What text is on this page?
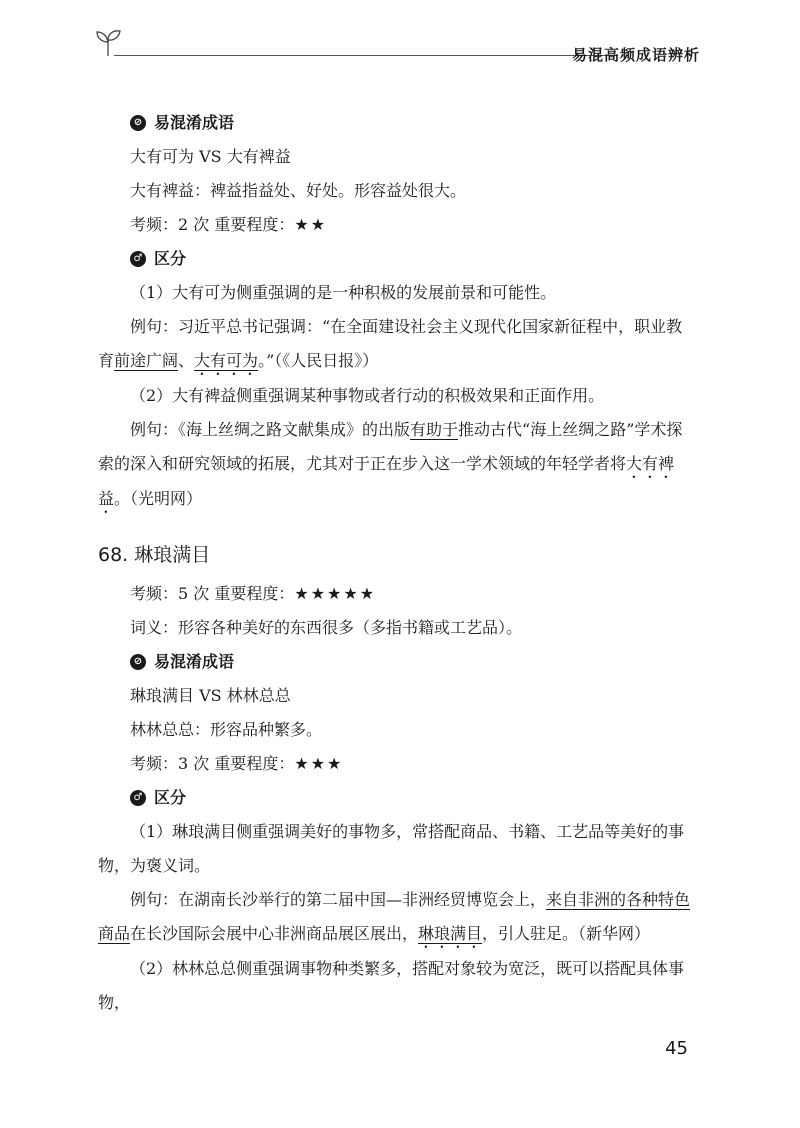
易混高频成语辨析
⊘ 易混淆成语

大有可为 VS 大有裨益

大有裨益：裨益指益处、好处。形容益处很大。

考频：2 次 重要程度：★★

♂ 区分

（1）大有可为侧重强调的是一种积极的发展前景和可能性。

例句：习近平总书记强调：“在全面建设社会主义现代化国家新征程中，职业教育前途广阔、大有可为。”（《人民日报》）

（2）大有裨益侧重强调某种事物或者行动的积极效果和正面作用。

例句：《海上丝绸之路文献集成》的出版有助于推动古代“海上丝绸之路”学术探索的深入和研究领域的拓展，尤其对于正在步入这一学术领域的年轻学者将大有裨益。（光明网）

68. 琳琅满目

考频：5 次 重要程度：★★★★★

词义：形容各种美好的东西很多（多指书籍或工艺品）。

⊘ 易混淆成语

琳琅满目 VS 林林总总

林林总总：形容品种繁多。

考频：3 次 重要程度：★★★

♂ 区分

（1）琳琅满目侧重强调美好的事物多，常搭配商品、书籍、工艺品等美好的事物，为褒义词。

例句：在湖南长沙举行的第二届中国—非洲经贸博览会上，来自非洲的各种特色商品在长沙国际会展中心非洲商品展区展出，琳琅满目，引人驻足。（新华网）

（2）林林总总侧重强调事物种类繁多，搭配对象较为宽泛，既可以搭配具体事物，

45
